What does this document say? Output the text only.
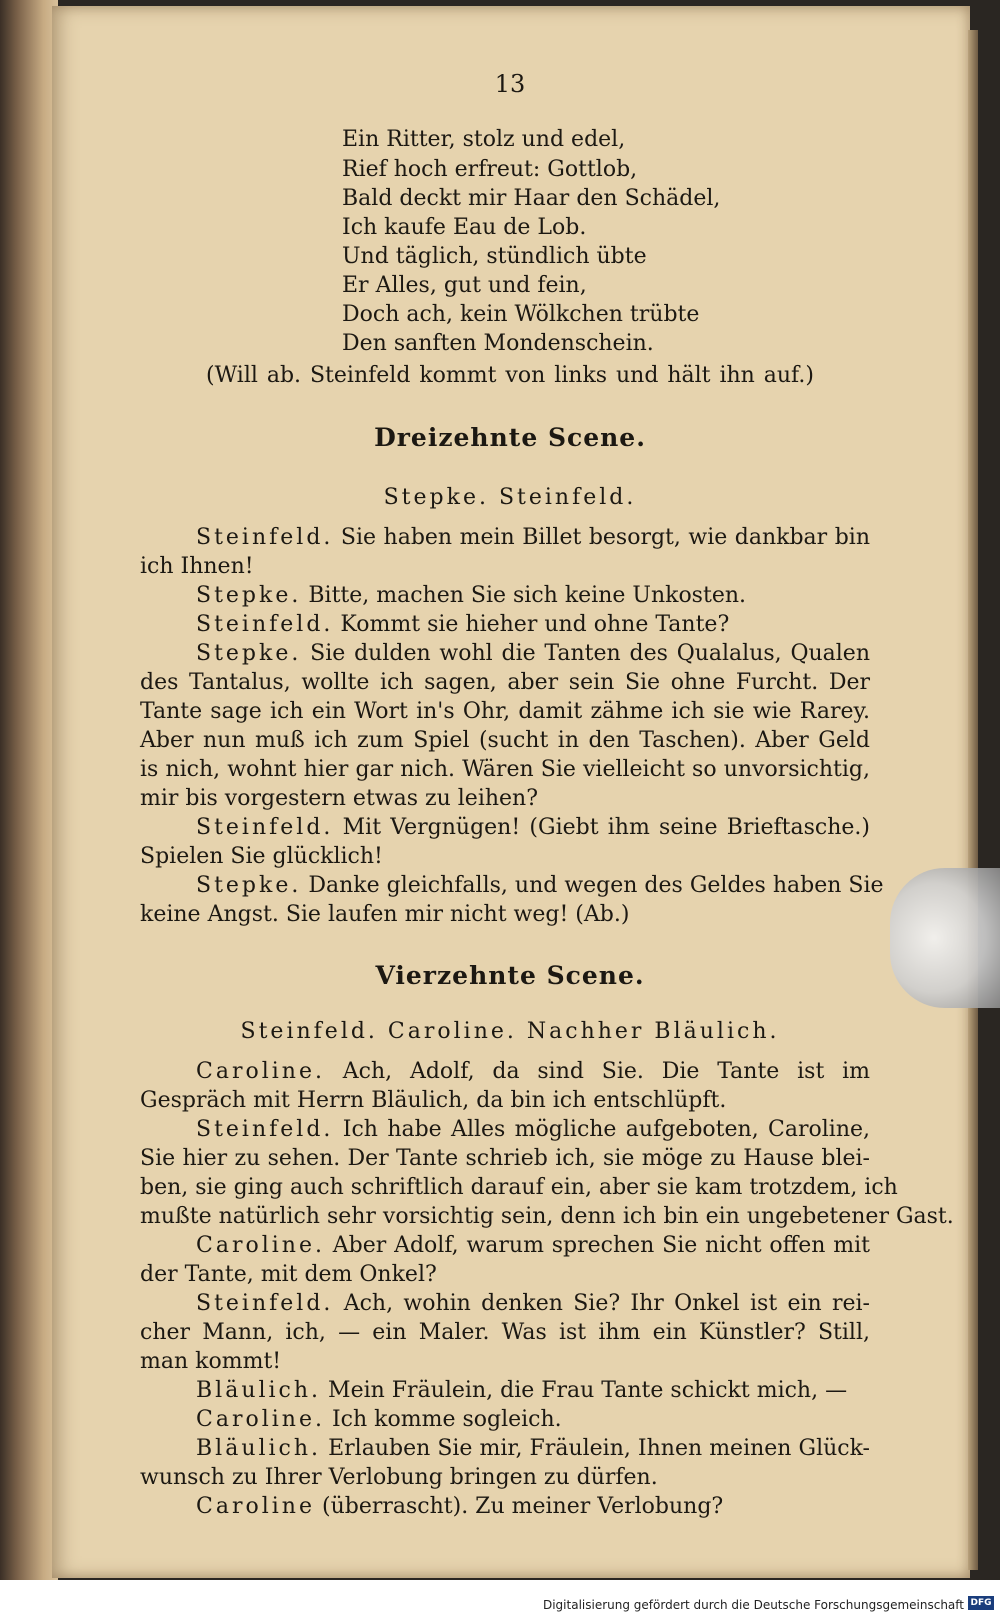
13
Ein Ritter, stolz und edel,
Rief hoch erfreut: Gottlob,
Bald deckt mir Haar den Schädel,
Ich kaufe Eau de Lob.
Und täglich, stündlich übte
Er Alles, gut und fein,
Doch ach, kein Wölkchen trübte
Den sanften Mondenschein.
(Will ab. Steinfeld kommt von links und hält ihn auf.)
Dreizehnte Scene.
Stepke. Steinfeld.
Steinfeld. Sie haben mein Billet besorgt, wie dankbar bin
ich Ihnen!
Stepke. Bitte, machen Sie sich keine Unkosten.
Steinfeld. Kommt sie hieher und ohne Tante?
Stepke. Sie dulden wohl die Tanten des Qualalus, Qualen
des Tantalus, wollte ich sagen, aber sein Sie ohne Furcht. Der
Tante sage ich ein Wort in's Ohr, damit zähme ich sie wie Rarey.
Aber nun muß ich zum Spiel (sucht in den Taschen). Aber Geld
is nich, wohnt hier gar nich. Wären Sie vielleicht so unvorsichtig,
mir bis vorgestern etwas zu leihen?
Steinfeld. Mit Vergnügen! (Giebt ihm seine Brieftasche.)
Spielen Sie glücklich!
Stepke. Danke gleichfalls, und wegen des Geldes haben Sie
keine Angst. Sie laufen mir nicht weg! (Ab.)
Vierzehnte Scene.
Steinfeld. Caroline. Nachher Bläulich.
Caroline. Ach, Adolf, da sind Sie. Die Tante ist im
Gespräch mit Herrn Bläulich, da bin ich entschlüpft.
Steinfeld. Ich habe Alles mögliche aufgeboten, Caroline,
Sie hier zu sehen. Der Tante schrieb ich, sie möge zu Hause blei-
ben, sie ging auch schriftlich darauf ein, aber sie kam trotzdem, ich
mußte natürlich sehr vorsichtig sein, denn ich bin ein ungebetener Gast.
Caroline. Aber Adolf, warum sprechen Sie nicht offen mit
der Tante, mit dem Onkel?
Steinfeld. Ach, wohin denken Sie? Ihr Onkel ist ein rei-
cher Mann, ich, — ein Maler. Was ist ihm ein Künstler? Still,
man kommt!
Bläulich. Mein Fräulein, die Frau Tante schickt mich, —
Caroline. Ich komme sogleich.
Bläulich. Erlauben Sie mir, Fräulein, Ihnen meinen Glück-
wunsch zu Ihrer Verlobung bringen zu dürfen.
Caroline (überrascht). Zu meiner Verlobung?
Digitalisierung gefördert durch die Deutsche Forschungsgemeinschaft DFG
